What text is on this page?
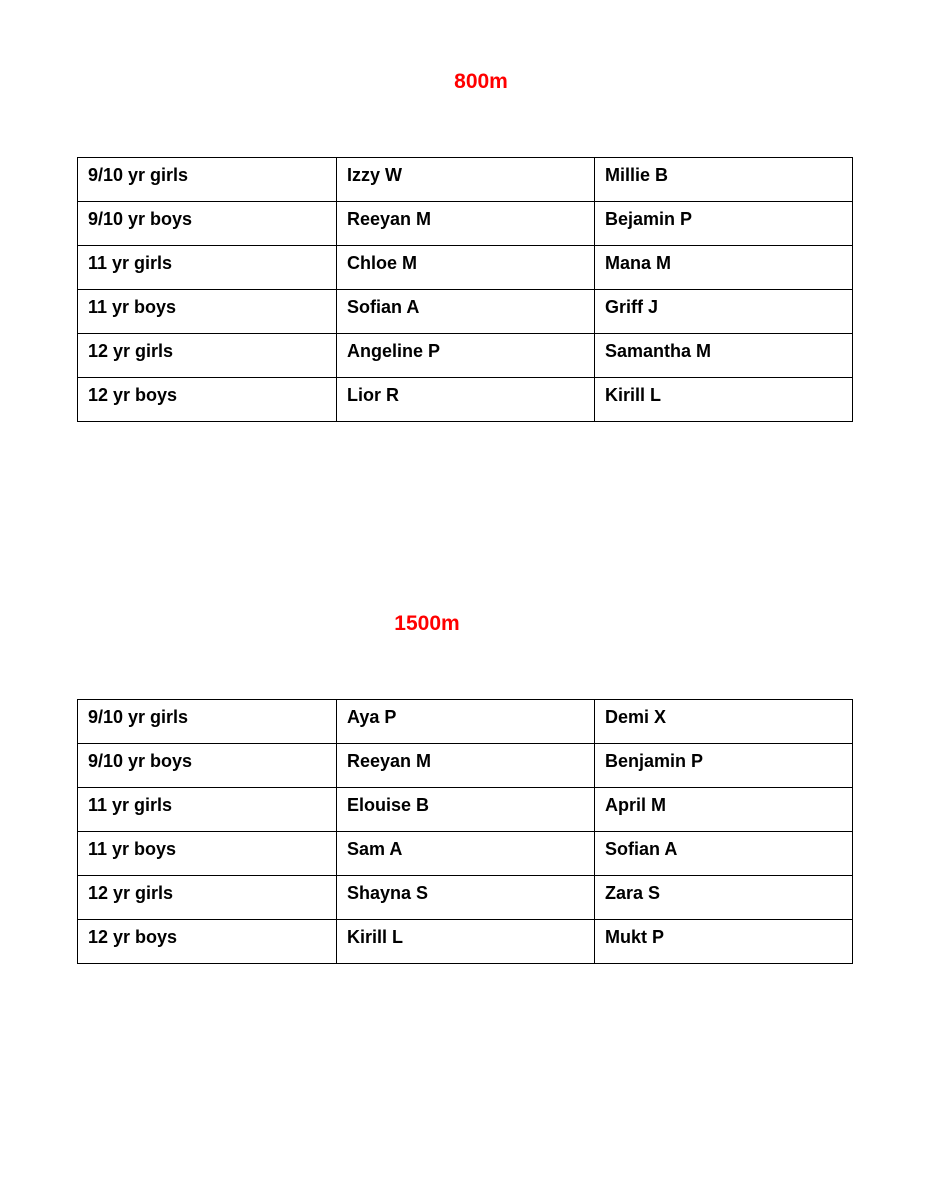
800m
9/10 yr girls	Izzy W	Millie B
9/10 yr boys	Reeyan M	Bejamin P
11 yr girls	Chloe M	Mana M
11 yr boys	Sofian A	Griff J
12 yr girls	Angeline P	Samantha M
12 yr boys	Lior R	Kirill L
1500m
9/10 yr girls	Aya P	Demi X
9/10 yr boys	Reeyan M	Benjamin P
11 yr girls	Elouise B	April M
11 yr boys	Sam A	Sofian A
12 yr girls	Shayna S	Zara S
12 yr boys	Kirill L	Mukt P
